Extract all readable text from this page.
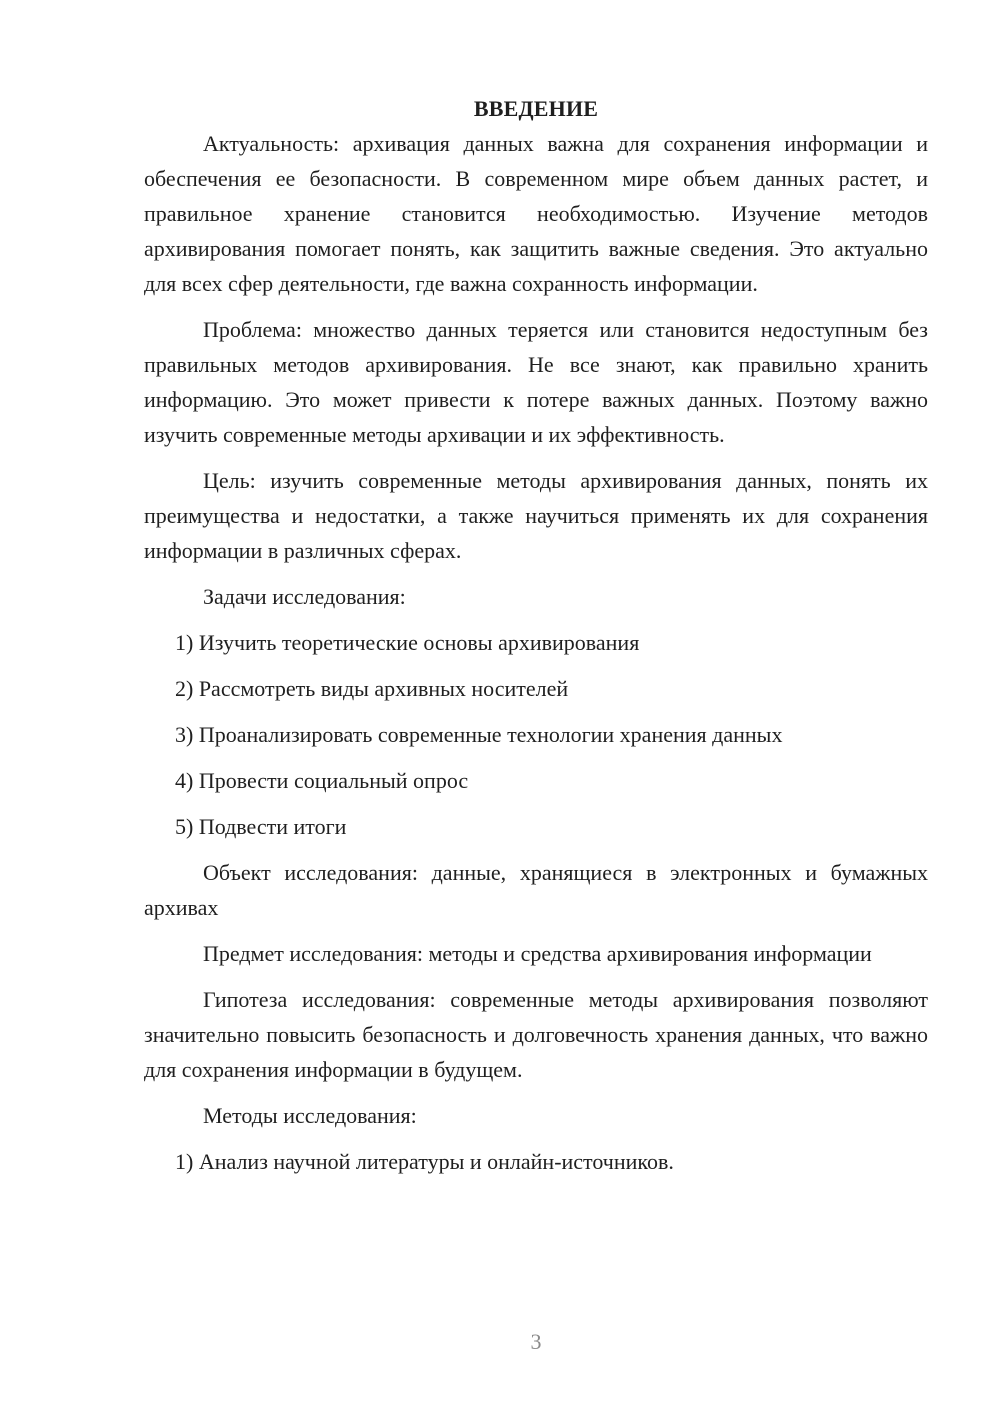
ВВЕДЕНИЕ

Актуальность: архивация данных важна для сохранения информации и обеспечения ее безопасности. В современном мире объем данных растет, и правильное хранение становится необходимостью. Изучение методов архивирования помогает понять, как защитить важные сведения. Это актуально для всех сфер деятельности, где важна сохранность информации.

Проблема: множество данных теряется или становится недоступным без правильных методов архивирования. Не все знают, как правильно хранить информацию. Это может привести к потере важных данных. Поэтому важно изучить современные методы архивации и их эффективность.

Цель: изучить современные методы архивирования данных, понять их преимущества и недостатки, а также научиться применять их для сохранения информации в различных сферах.

Задачи исследования:

1) Изучить теоретические основы архивирования

2) Рассмотреть виды архивных носителей

3) Проанализировать современные технологии хранения данных

4) Провести социальный опрос

5) Подвести итоги

Объект исследования: данные, хранящиеся в электронных и бумажных архивах

Предмет исследования: методы и средства архивирования информации

Гипотеза исследования: современные методы архивирования позволяют значительно повысить безопасность и долговечность хранения данных, что важно для сохранения информации в будущем.

Методы исследования:

1) Анализ научной литературы и онлайн-источников.

3
